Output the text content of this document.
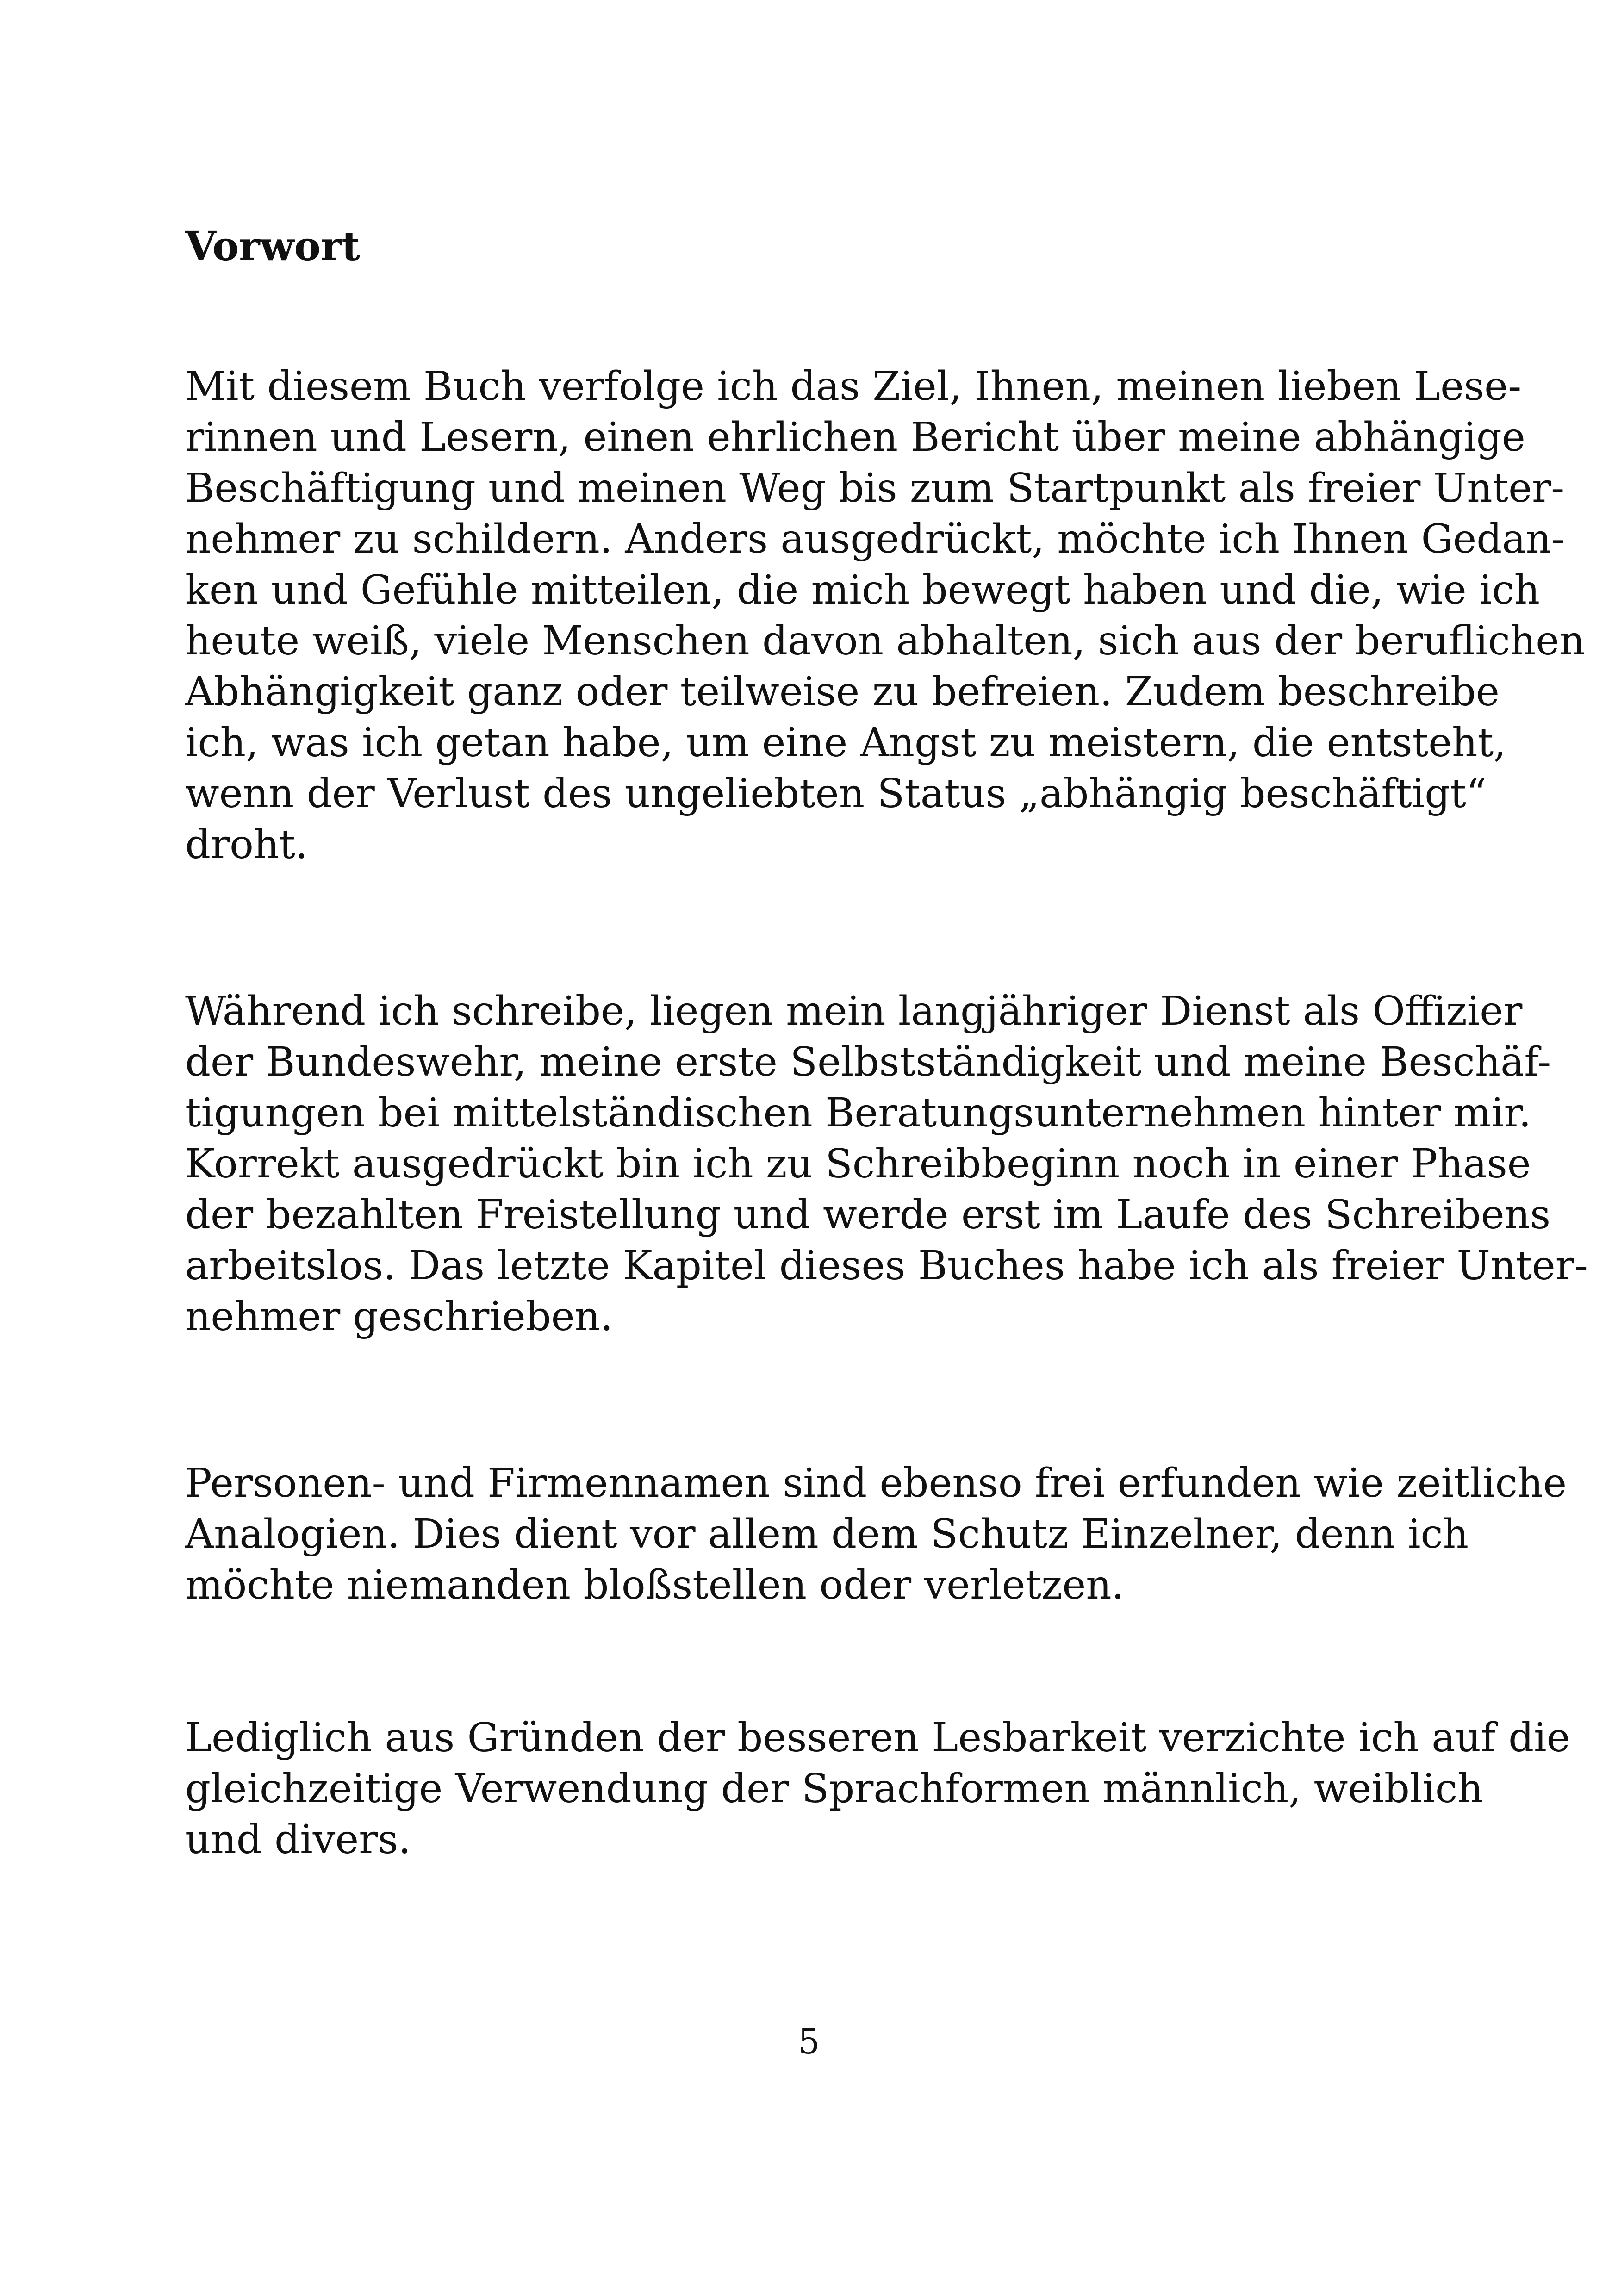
Vorwort

Mit diesem Buch verfolge ich das Ziel, Ihnen, meinen lieben Lese-

rinnen und Lesern, einen ehrlichen Bericht über meine abhängige

Beschäftigung und meinen Weg bis zum Startpunkt als freier Unter-

nehmer zu schildern. Anders ausgedrückt, möchte ich Ihnen Gedan-

ken und Gefühle mitteilen, die mich bewegt haben und die, wie ich

heute weiß, viele Menschen davon abhalten, sich aus der beruflichen

Abhängigkeit ganz oder teilweise zu befreien. Zudem beschreibe

ich, was ich getan habe, um eine Angst zu meistern, die entsteht,

wenn der Verlust des ungeliebten Status „abhängig beschäftigt“

droht.

Während ich schreibe, liegen mein langjähriger Dienst als Offizier

der Bundeswehr, meine erste Selbstständigkeit und meine Beschäf-

tigungen bei mittelständischen Beratungsunternehmen hinter mir.

Korrekt ausgedrückt bin ich zu Schreibbeginn noch in einer Phase

der bezahlten Freistellung und werde erst im Laufe des Schreibens

arbeitslos. Das letzte Kapitel dieses Buches habe ich als freier Unter-

nehmer geschrieben.

Personen- und Firmennamen sind ebenso frei erfunden wie zeitliche

Analogien. Dies dient vor allem dem Schutz Einzelner, denn ich

möchte niemanden bloßstellen oder verletzen.

Lediglich aus Gründen der besseren Lesbarkeit verzichte ich auf die

gleichzeitige Verwendung der Sprachformen männlich, weiblich

und divers.

5
